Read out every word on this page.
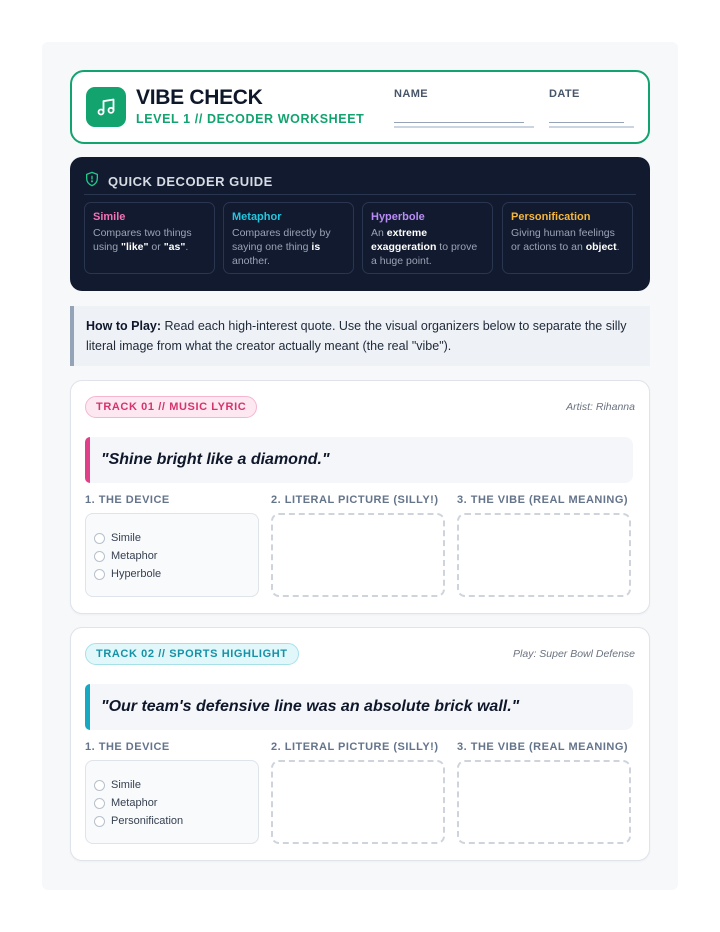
VIBE CHECK
LEVEL 1 // DECODER WORKSHEET
NAME	DATE
QUICK DECODER GUIDE
Simile
Compares two things using "like" or "as".
Metaphor
Compares directly by saying one thing is another.
Hyperbole
An extreme exaggeration to prove a huge point.
Personification
Giving human feelings or actions to an object.
How to Play: Read each high-interest quote. Use the visual organizers below to separate the silly literal image from what the creator actually meant (the real "vibe").
TRACK 01 // MUSIC LYRIC	Artist: Rihanna
"Shine bright like a diamond."
1. THE DEVICE	2. LITERAL PICTURE (SILLY!) 3. THE VIBE (REAL MEANING)
Simile
Metaphor
Hyperbole
TRACK 02 // SPORTS HIGHLIGHT	Play: Super Bowl Defense
"Our team's defensive line was an absolute brick wall."
1. THE DEVICE	2. LITERAL PICTURE (SILLY!) 3. THE VIBE (REAL MEANING)
Simile
Metaphor
Personification
